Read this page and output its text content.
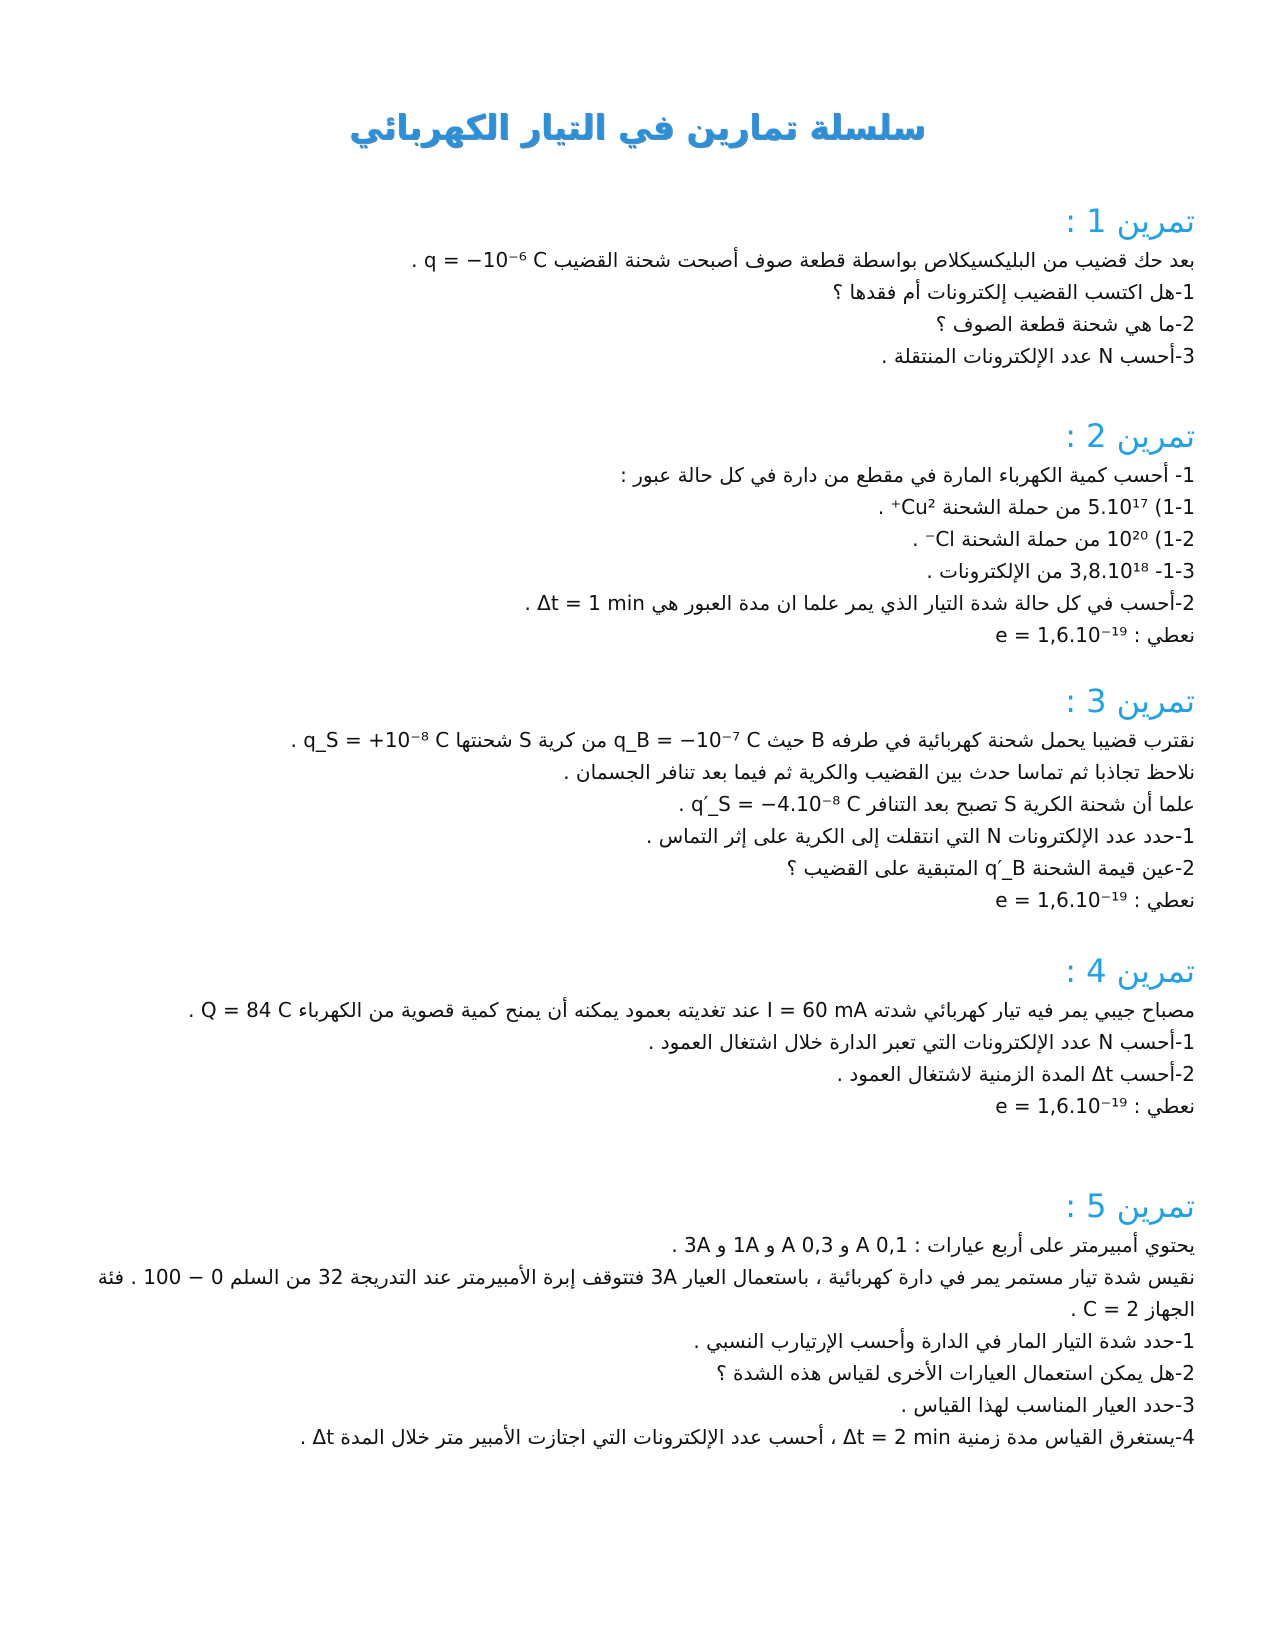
سلسلة تمارين في التيار الكهربائي
تمرين 1 :
بعد حك قضيب من البليكسيكلاص بواسطة قطعة صوف أصبحت شحنة القضيب q = −10⁻⁶ C .
1-هل اكتسب القضيب إلكترونات أم فقدها ؟
2-ما هي شحنة قطعة الصوف ؟
3-أحسب N عدد الإلكترونات المنتقلة .
تمرين 2 :
1- أحسب كمية الكهرباء المارة في مقطع من دارة في كل حالة عبور :
1-1) 5.10¹⁷ من حملة الشحنة Cu²⁺ .
1-2) 10²⁰ من حملة الشحنة Cl⁻ .
1-3- 3,8.10¹⁸ من الإلكترونات .
2-أحسب في كل حالة شدة التيار الذي يمر علما ان مدة العبور هي Δt = 1 min .
نعطي : e = 1,6.10⁻¹⁹
تمرين 3 :
نقترب قضيبا يحمل شحنة كهربائية في طرفه B حيث q_B = −10⁻⁷ C من كرية S شحنتها q_S = +10⁻⁸ C .
نلاحظ تجاذبا ثم تماسا حدث بين القضيب والكرية ثم فيما بعد تنافر الجسمان .
علما أن شحنة الكرية S تصبح بعد التنافر q′_S = −4.10⁻⁸ C .
1-حدد عدد الإلكترونات N التي انتقلت إلى الكرية على إثر التماس .
2-عين قيمة الشحنة q′_B المتبقية على القضيب ؟
نعطي : e = 1,6.10⁻¹⁹
تمرين 4 :
مصباح جيبي يمر فيه تيار كهربائي شدته I = 60 mA عند تغديته بعمود يمكنه أن يمنح كمية قصوية من الكهرباء Q = 84 C .
1-أحسب N عدد الإلكترونات التي تعبر الدارة خلال اشتغال العمود .
2-أحسب Δt المدة الزمنية لاشتغال العمود .
نعطي : e = 1,6.10⁻¹⁹
تمرين 5 :
يحتوي أمبيرمتر على أربع عيارات : 0,1 A و 0,3 A و 1A و 3A .
نقيس شدة تيار مستمر يمر في دارة كهربائية ، باستعمال العيار 3A فتتوقف إبرة الأمبيرمتر عند التدريجة 32 من السلم 0 − 100 . فئة الجهاز C = 2 .
1-حدد شدة التيار المار في الدارة وأحسب الإرتيارب النسبي .
2-هل يمكن استعمال العيارات الأخرى لقياس هذه الشدة ؟
3-حدد العيار المناسب لهذا القياس .
4-يستغرق القياس مدة زمنية Δt = 2 min ، أحسب عدد الإلكترونات التي اجتازت الأمبير متر خلال المدة Δt .
